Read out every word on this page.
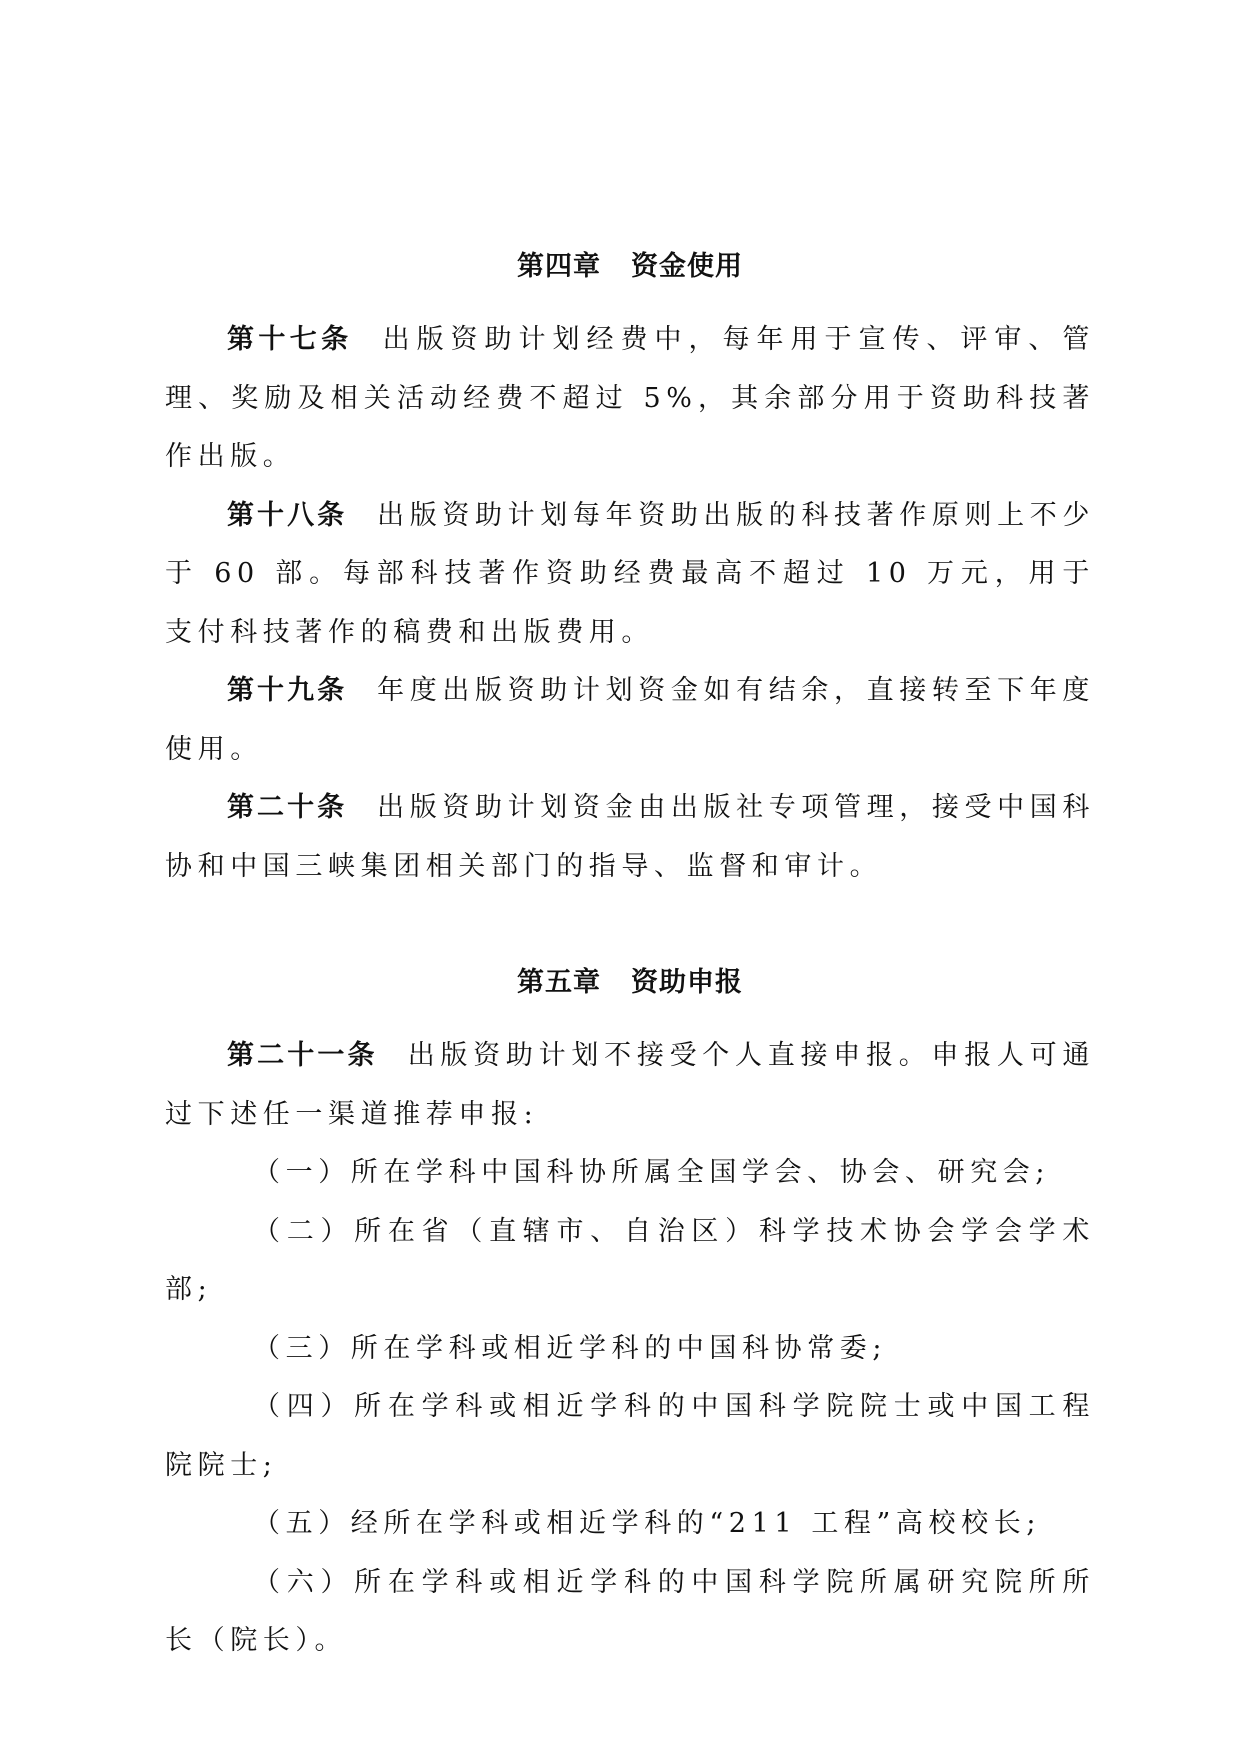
第四章 资金使用

第十七条 出版资助计划经费中，每年用于宣传、评审、管理、奖励及相关活动经费不超过 5%，其余部分用于资助科技著作出版。

第十八条 出版资助计划每年资助出版的科技著作原则上不少于 60 部。每部科技著作资助经费最高不超过 10 万元，用于支付科技著作的稿费和出版费用。

第十九条 年度出版资助计划资金如有结余，直接转至下年度使用。

第二十条 出版资助计划资金由出版社专项管理，接受中国科协和中国三峡集团相关部门的指导、监督和审计。

第五章 资助申报

第二十一条 出版资助计划不接受个人直接申报。申报人可通过下述任一渠道推荐申报:

（一）所在学科中国科协所属全国学会、协会、研究会;

（二）所在省（直辖市、自治区）科学技术协会学会学术部;

（三）所在学科或相近学科的中国科协常委;

（四）所在学科或相近学科的中国科学院院士或中国工程院院士;

（五）经所在学科或相近学科的“211 工程”高校校长;

（六）所在学科或相近学科的中国科学院所属研究院所所长（院长）。
